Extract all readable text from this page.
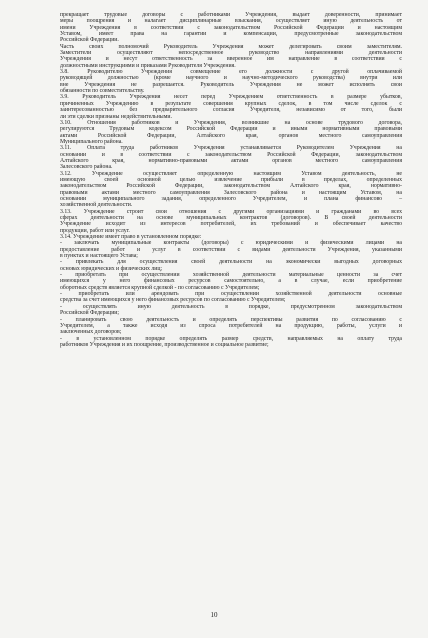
прекращает трудовые договоры с работниками Учреждения, выдает доверенности, принимает
меры поощрения и налагает дисциплинарные взыскания, осуществляет иную деятельность от
имени Учреждения в соответствии с законодательством Российской Федерации и настоящим
Уставом, имеет права на гарантии и компенсации, предусмотренные законодательством
Российской Федерации.
Часть своих полномочий Руководитель Учреждения может делегировать своим заместителям.
Заместители осуществляют непосредственное руководство направлениями деятельности
Учреждения и несут ответственность за вверенное им направление в соответствии с
должностными инструкциями и приказами Руководителя Учреждения.
3.8. Руководителю Учреждения совмещение его должности с другой оплачиваемой
руководящей должностью (кроме научного и научно-методического руководства) внутри или
вне Учреждения не разрешается. Руководитель Учреждения не может исполнять свои
обязанности по совместительству.
3.9. Руководитель Учреждения несет перед Учреждением ответственность в размере убытков,
причиненных Учреждению в результате совершения крупных сделок, в том числе сделок с
заинтересованностью без предварительного согласия Учредителя, независимо от того, были
ли эти сделки признаны недействительными.
3.10. Отношения работников и Учреждения, возникшие на основе трудового договора,
регулируются Трудовым кодексом Российской Федерации и иными нормативными правовыми
актами Российской Федерации, Алтайского края, органов местного самоуправления
Муниципального района.
3.11. Оплата труда работников Учреждения устанавливается Руководителем Учреждения на
основании и в соответствии с законодательством Российской Федерации, законодательством
Алтайского края, нормативно-правовыми актами органов местного самоуправления
Залесовского района.
3.12. Учреждение осуществляет определенную настоящим Уставом деятельность, не
имеющую своей основной целью извлечение прибыли в пределах, определенных
законодательством Российской Федерации, законодательством Алтайского края, нормативно-
правовыми актами местного самоуправления Залесовского района и настоящим Уставом, на
основании муниципального задания, определенного Учредителем, и плана финансово –
хозяйственной деятельности.
3.13. Учреждение строит свои отношения с другими организациями и гражданами во всех
сферах деятельности на основе муниципальных контрактов (договоров). В своей деятельности
Учреждение исходит из интересов потребителей, их требований и обеспечивает качество
продукции, работ или услуг.
3.14. Учреждение имеет право в установленном порядке:
- заключать муниципальные контракты (договоры) с юридическими и физическими лицами на
предоставление работ и услуг в соответствии с видами деятельности Учреждения, указанными
в пунктах и настоящего Устава;
- привлекать для осуществления своей деятельности на экономически выгодных договорных
основах юридических и физических лиц;
- приобретать при осуществлении хозяйственной деятельности материальные ценности за счет
имеющихся у него финансовых ресурсов самостоятельно, а в случае, если приобретение
оборотных средств является крупной сделкой - по согласованию с Учредителем;
- приобретать или арендовать при осуществлении хозяйственной деятельности основные
средства за счет имеющихся у него финансовых ресурсов по согласованию с Учредителем;
- осуществлять иную деятельность в порядке, предусмотренном законодательством
Российской Федерации;
- планировать свою деятельность и определять перспективы развития по согласованию с
Учредителем, а также исходя из спроса потребителей на продукцию, работы, услуги и
заключенных договоров;
- в установленном порядке определять размер средств, направляемых на оплату труда
работников Учреждения и их поощрение, производственное и социальное развитие;
10
